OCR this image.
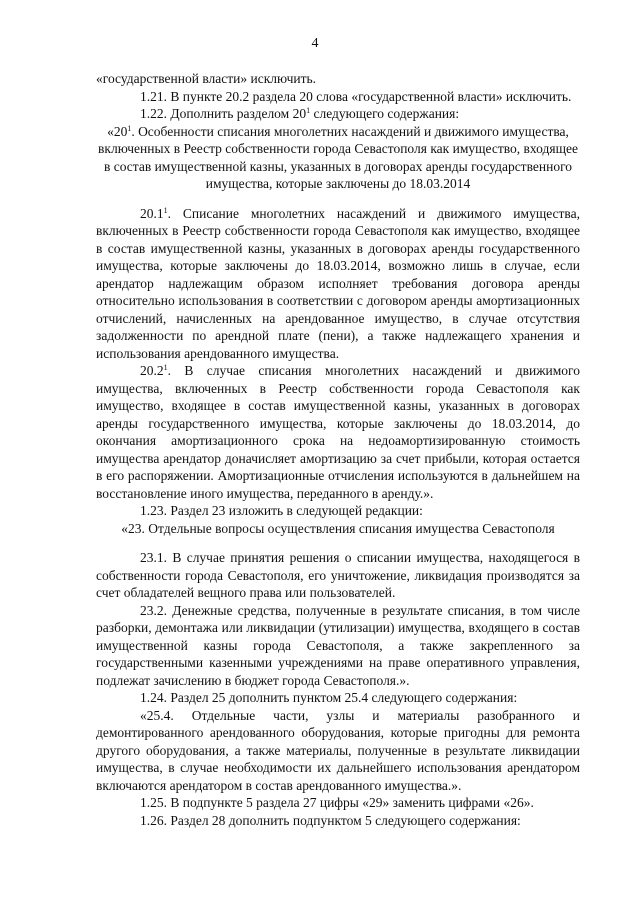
4

«государственной власти» исключить.

1.21. В пункте 20.2 раздела 20 слова «государственной власти» исключить.

1.22. Дополнить разделом $20^1$ следующего содержания:

«$20^1$. Особенности списания многолетних насаждений и движимого имущества, включенных в Реестр собственности города Севастополя как имущество, входящее в состав имущественной казны, указанных в договорах аренды государственного имущества, которые заключены до 18.03.2014

20.1$^1$. Списание многолетних насаждений и движимого имущества, включенных в Реестр собственности города Севастополя как имущество, входящее в состав имущественной казны, указанных в договорах аренды государственного имущества, которые заключены до 18.03.2014, возможно лишь в случае, если арендатор надлежащим образом исполняет требования договора аренды относительно использования в соответствии с договором аренды амортизационных отчислений, начисленных на арендованное имущество, в случае отсутствия задолженности по арендной плате (пени), а также надлежащего хранения и использования арендованного имущества.

20.2$^1$. В случае списания многолетних насаждений и движимого имущества, включенных в Реестр собственности города Севастополя как имущество, входящее в состав имущественной казны, указанных в договорах аренды государственного имущества, которые заключены до 18.03.2014, до окончания амортизационного срока на недоамортизированную стоимость имущества арендатор доначисляет амортизацию за счет прибыли, которая остается в его распоряжении. Амортизационные отчисления используются в дальнейшем на восстановление иного имущества, переданного в аренду.».

1.23. Раздел 23 изложить в следующей редакции:

«23. Отдельные вопросы осуществления списания имущества Севастополя

23.1. В случае принятия решения о списании имущества, находящегося в собственности города Севастополя, его уничтожение, ликвидация производятся за счет обладателей вещного права или пользователей.

23.2. Денежные средства, полученные в результате списания, в том числе разборки, демонтажа или ликвидации (утилизации) имущества, входящего в состав имущественной казны города Севастополя, а также закрепленного за государственными казенными учреждениями на праве оперативного управления, подлежат зачислению в бюджет города Севастополя.».

1.24. Раздел 25 дополнить пунктом 25.4 следующего содержания:

«25.4. Отдельные части, узлы и материалы разобранного и демонтированного арендованного оборудования, которые пригодны для ремонта другого оборудования, а также материалы, полученные в результате ликвидации имущества, в случае необходимости их дальнейшего использования арендатором включаются арендатором в состав арендованного имущества.».

1.25. В подпункте 5 раздела 27 цифры «29» заменить цифрами «26».

1.26. Раздел 28 дополнить подпунктом 5 следующего содержания:
